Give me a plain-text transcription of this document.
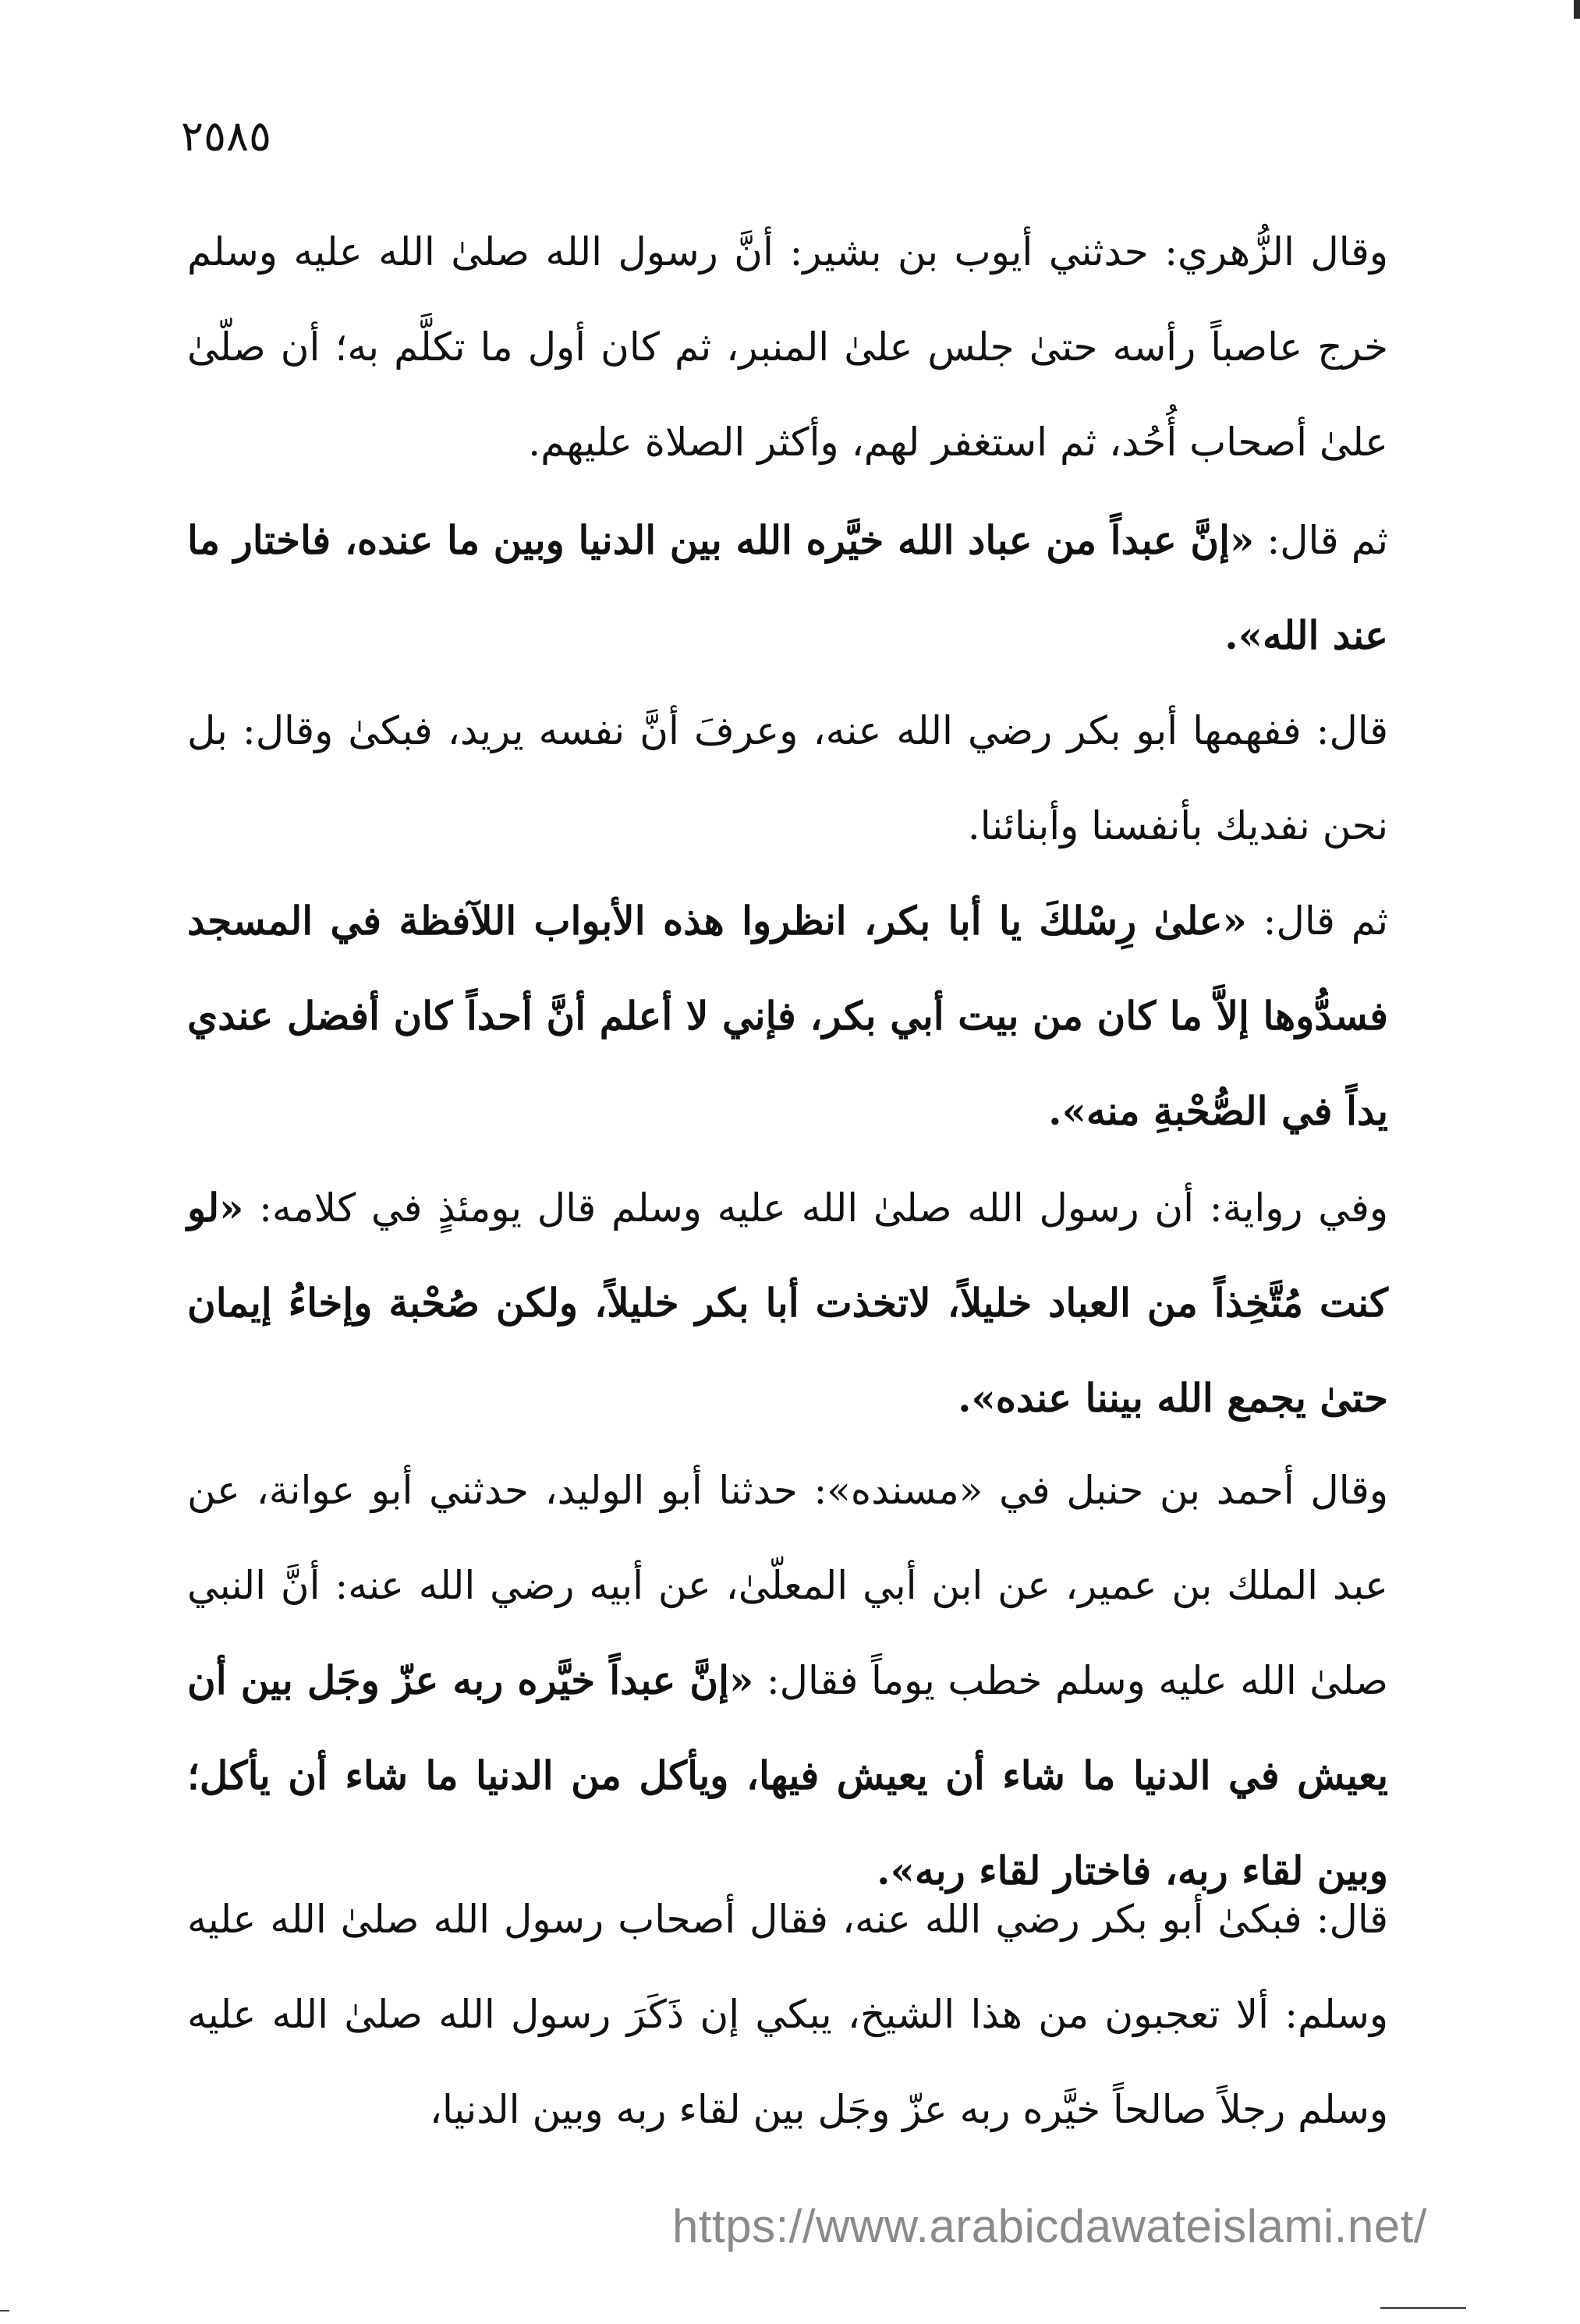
٢٥٨٥

وقال الزُّهري: حدثني أيوب بن بشير: أنَّ رسول الله صلىٰ الله عليه وسلم خرج عاصباً رأسه حتىٰ جلس علىٰ المنبر، ثم كان أول ما تكلَّم به؛ أن صلّىٰ علىٰ أصحاب أُحُد، ثم استغفر لهم، وأكثر الصلاة عليهم.

ثم قال: «إنَّ عبداً من عباد الله خيَّره الله بين الدنيا وبين ما عنده، فاختار ما عند الله».

قال: ففهمها أبو بكر رضي الله عنه، وعرفَ أنَّ نفسه يريد، فبكىٰ وقال: بل نحن نفديك بأنفسنا وأبنائنا.

ثم قال: «علىٰ رِسْلكَ يا أبا بكر، انظروا هذه الأبواب اللآفظة في المسجد فسدُّوها إلاَّ ما كان من بيت أبي بكر، فإني لا أعلم أنَّ أحداً كان أفضل عندي يداً في الصُّحْبةِ منه».

وفي رواية: أن رسول الله صلىٰ الله عليه وسلم قال يومئذٍ في كلامه: «لو كنت مُتَّخِذاً من العباد خليلاً، لاتخذت أبا بكر خليلاً، ولكن صُحْبة وإخاءُ إيمان حتىٰ يجمع الله بيننا عنده».

وقال أحمد بن حنبل في «مسنده»: حدثنا أبو الوليد، حدثني أبو عوانة، عن عبد الملك بن عمير، عن ابن أبي المعلّىٰ، عن أبيه رضي الله عنه: أنَّ النبي صلىٰ الله عليه وسلم خطب يوماً فقال: «إنَّ عبداً خيَّره ربه عزّ وجَل بين أن يعيش في الدنيا ما شاء أن يعيش فيها، ويأكل من الدنيا ما شاء أن يأكل؛ وبين لقاء ربه، فاختار لقاء ربه».

قال: فبكىٰ أبو بكر رضي الله عنه، فقال أصحاب رسول الله صلىٰ الله عليه وسلم: ألا تعجبون من هذا الشيخ، يبكي إن ذَكَرَ رسول الله صلىٰ الله عليه وسلم رجلاً صالحاً خيَّره ربه عزّ وجَل بين لقاء ربه وبين الدنيا،

https://www.arabicdawateislami.net/
